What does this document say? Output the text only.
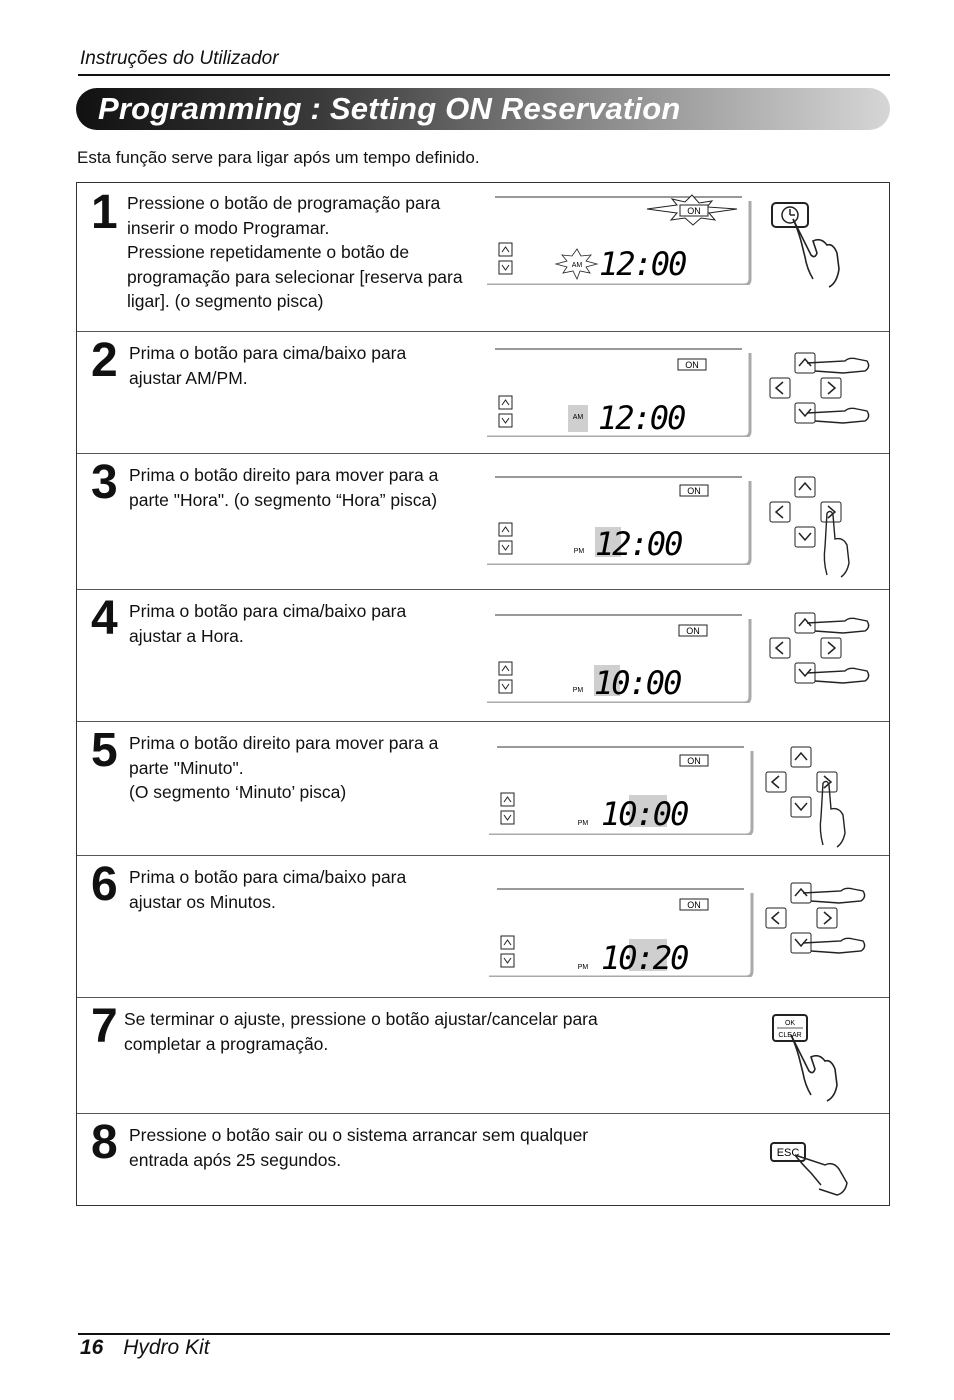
Instruções do Utilizador
Programming : Setting ON Reservation
Esta função serve para ligar após um tempo definido.
1 Pressione o botão de programação para
inserir o modo Programar.
Pressione repetidamente o botão de
programação para selecionar [reserva para
ligar]. (o segmento pisca)
ON
AM 12:00
2 Prima o botão para cima/baixo para
ajustar AM/PM.
ON
AM 12:00
3 Prima o botão direito para mover para a
parte "Hora". (o segmento “Hora” pisca)	ON
PM 12:00
4 Prima o botão para cima/baixo para
ajustar a Hora.	ON
PM 10:00
5 Prima o botão direito para mover para a
parte "Minuto".
(O segmento ‘Minuto’ pisca)
ON
PM 10:00
6 Prima o botão para cima/baixo para
ajustar os Minutos.	ON
PM 10:20
7 Se terminar o ajuste, pressione o botão ajustar/cancelar para
completar a programação.
OK
CLEAR
8 Pressione o botão sair ou o sistema arrancar sem qualquer
entrada após 25 segundos.	ESC
16 Hydro Kit
